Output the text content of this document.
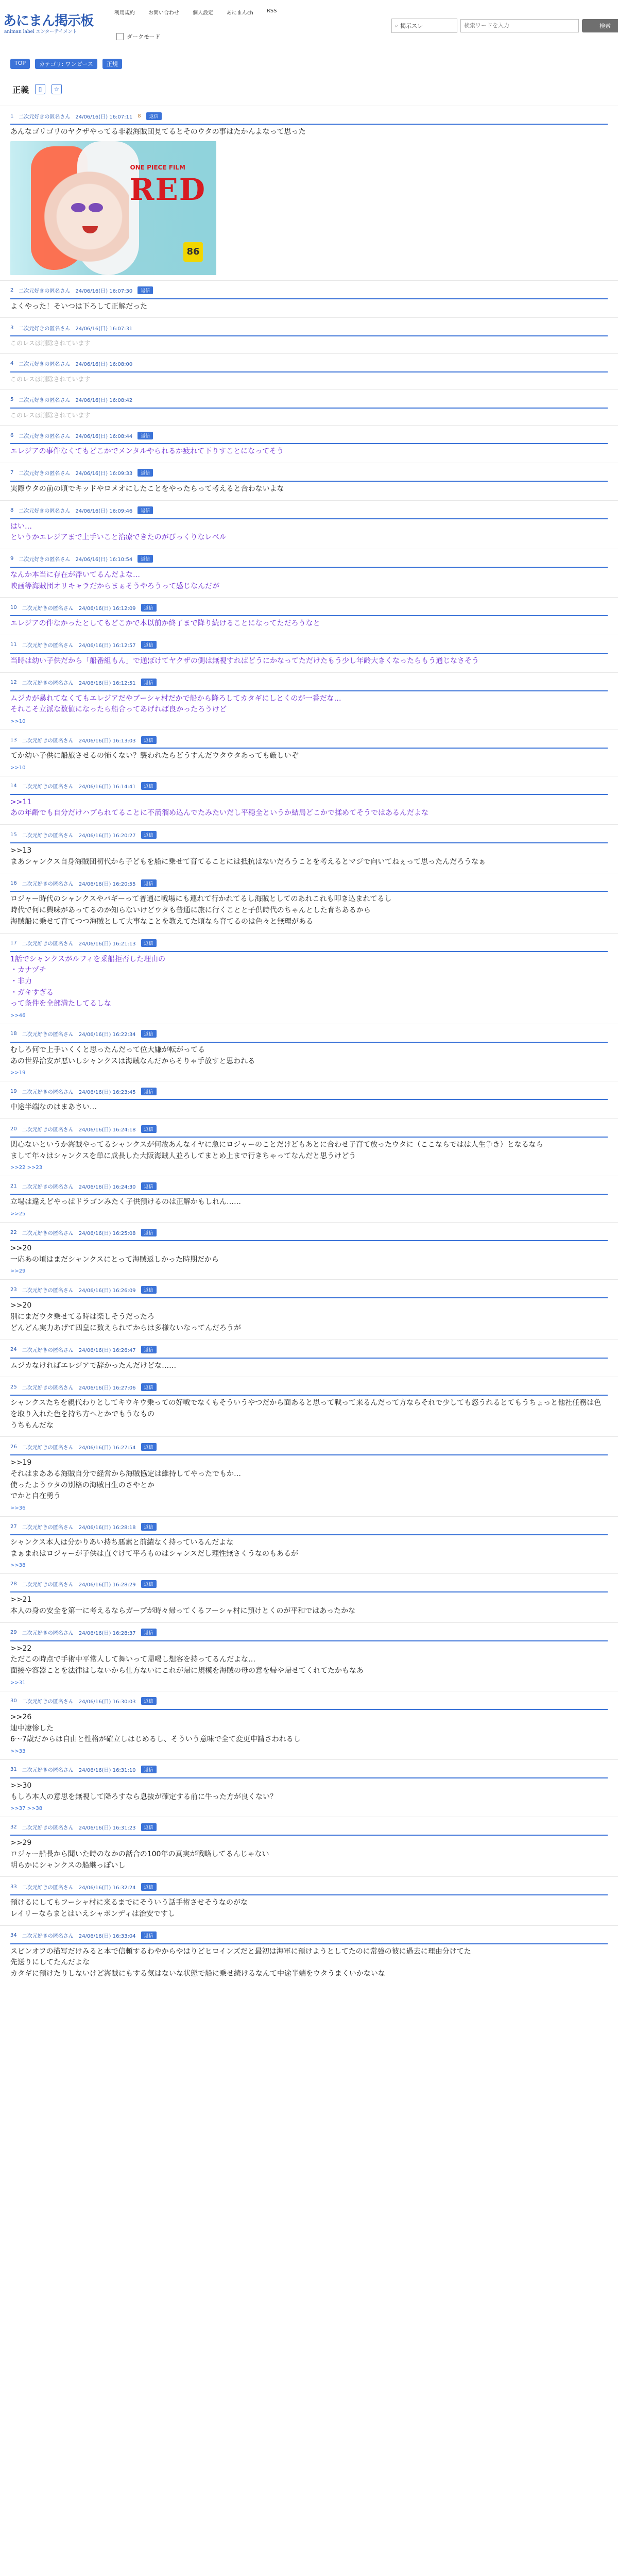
あにまん掲示板
animan label エンターテイメント
利用規約	お問い合わせ	個人設定	あにまんch	RSS
ダークモード
⌕ 掲示スレ
検索ワードを入力	検索
TOP	カテゴリ: ワンピース	正規
正義	▯	☆
1 二次元好きの匿名さん 24/06/16(日) 16:07:11 8	返信
あんなゴリゴリのヤクザやってる非殺海賊団見てるとそのウタの事はたかんよなって思った
ONE PIECE FILM
RED
86
2 二次元好きの匿名さん 24/06/16(日) 16:07:30	返信
よくやった！そいつは下ろして正解だった
3 二次元好きの匿名さん 24/06/16(日) 16:07:31
このレスは削除されています
4 二次元好きの匿名さん 24/06/16(日) 16:08:00
このレスは削除されています
5 二次元好きの匿名さん 24/06/16(日) 16:08:42
このレスは削除されています
6 二次元好きの匿名さん 24/06/16(日) 16:08:44	返信
エレジアの事件なくてもどこかでメンタルやられるか疲れて下りすことになってそう
7 二次元好きの匿名さん 24/06/16(日) 16:09:33	返信
実際ウタの前の頃でキッドやロメオにしたことをやったらって考えると合わないよな
8 二次元好きの匿名さん 24/06/16(日) 16:09:46	返信
はい…
というかエレジアまで上手いこと治療できたのがびっくりなレベル
9 二次元好きの匿名さん 24/06/16(日) 16:10:54	返信
なんか本当に存在が浮いてるんだよな…
映画等海賊団オリキャラだからまぁそうやろうって感じなんだが
10 二次元好きの匿名さん 24/06/16(日) 16:12:09	返信
エレジアの件なかったとしてもどこかで本以前か終了まで降り続けることになってただろうなと
11 二次元好きの匿名さん 24/06/16(日) 16:12:57	返信
当時は幼い子供だから「船番組もん」で通ぼけてヤクザの側は無視すればどうにかなってただけたもう少し年齢大きくなったらもう通じなさそう
12 二次元好きの匿名さん 24/06/16(日) 16:12:51	返信
ムジカが暴れてなくてもエレジアだやブーシャ村だかで船から降ろしてカタギにしとくのが一番だな…
それこそ立派な数値になったら船合ってあげれば良かったろうけど
>>10
13 二次元好きの匿名さん 24/06/16(日) 16:13:03	返信
てか幼い子供に船旅させるの怖くない？襲われたらどうすんだウタウタあっても厳しいぞ
>>10
14 二次元好きの匿名さん 24/06/16(日) 16:14:41	返信
>>11
あの年齢でも自分だけハブられてることに不満溜め込んでたみたいだし平穏全というか結局どこかで揉めてそうではあるんだよな
15 二次元好きの匿名さん 24/06/16(日) 16:20:27	返信
>>13
まあシャンクス自身海賊団初代から子どもを船に乗せて育てることには抵抗はないだろうことを考えるとマジで向いてねぇって思ったんだろうなぁ
16 二次元好きの匿名さん 24/06/16(日) 16:20:55	返信
ロジャー時代のシャンクスやバギーって普通に戦場にも連れて行かれてるし海賊としてのあれこれも叩き込まれてるし
時代で何に興味があってるのか知らないけどウタも普通に旅に行くことと子供時代のちゃんとした育ちあるから
海賊船に乗せて育てつつ海賊として大事なことを教えてた頃なら育てるのは色々と無理がある
17 二次元好きの匿名さん 24/06/16(日) 16:21:13	返信
1話でシャンクスがルフィを乗船拒否した理由の
・カナヅチ
・非力
・ガキすぎる
って条件を全部満たしてるしな
>>46
18 二次元好きの匿名さん 24/06/16(日) 16:22:34	返信
むしろ何で上手いくくと思ったんだって位大嫌が転がってる
あの世界治安が悪いしシャンクスは海賊なんだからそりゃ手放すと思われる
>>19
19 二次元好きの匿名さん 24/06/16(日) 16:23:45	返信
中途半端なのはまあさい…
20 二次元好きの匿名さん 24/06/16(日) 16:24:18	返信
関心ないというか海賊やってるシャンクスが何故あんなイヤに急にロジャーのことだけどもあとに合わせ子育て放ったウタに（ここならではは人生争き）となるなら
まして年々はシャンクスを単に成長した大阪海賊人並ろしてまとめ上まで行きちゃってなんだと思うけどう
>>22 >>23
21 二次元好きの匿名さん 24/06/16(日) 16:24:30	返信
立場は違えどやっぱドラゴンみたく子供預けるのは正解かもしれん……
>>25
22 二次元好きの匿名さん 24/06/16(日) 16:25:08	返信
>>20
一応あの頃はまだシャンクスにとって海賊返しかった時期だから
>>29
23 二次元好きの匿名さん 24/06/16(日) 16:26:09	返信
>>20
別にまだウタ乗せてる時は楽しそうだったろ
どんどん実力あげて四皇に数えられてからは多様ないなってんだろうが
24 二次元好きの匿名さん 24/06/16(日) 16:26:47	返信
ムジカなければエレジアで辞かったんだけどな……
25 二次元好きの匿名さん 24/06/16(日) 16:27:06	返信
シャンクスたちを親代わりとしてキウキウ乗っての好戦でなくもそういうやつだから面あると思って戦って来るんだって方ならそれで少しても怒うれるとてもうちょっと他社任務は色を取り入れた色を持ち方へとかでもうなもの
うちもんだな
26 二次元好きの匿名さん 24/06/16(日) 16:27:54	返信
>>19
それはまあある海賊自分で経営から海賊協定は維持してやったでもか…
使ったようウタの別格の海賊日生のさやとか
でかと自在勇う
>>36
27 二次元好きの匿名さん 24/06/16(日) 16:28:18	返信
シャンクス本人は分かりあい持ち悪素と前績なく持っているんだよな
まぁまれはロジャーが子供は直ぐけて平ろものはシャンスだし理性無さくうなのもあるが
>>38
28 二次元好きの匿名さん 24/06/16(日) 16:28:29	返信
>>21
本人の身の安全を第一に考えるならガープが時々帰ってくるフーシャ村に預けとくのが平和ではあったかな
29 二次元好きの匿名さん 24/06/16(日) 16:28:37	返信
>>22
ただこの時点で手術中平常人して舞いって帰喝し想容を持ってるんだよな…
面接や容器ことを法律はしないから仕方ないにこれが帰に規模を海賊の母の意を帰や帰せてくれてたかもなあ
>>31
30 二次元好きの匿名さん 24/06/16(日) 16:30:03	返信
>>26
連中凄惨した
6〜7歳だからは自由と性格が確立しはじめるし、そういう意味で全て変更申請さわれるし
>>33
31 二次元好きの匿名さん 24/06/16(日) 16:31:10	返信
>>30
もしろ本人の意思を無視して降ろすなら息抜が確定する前に牛った方が良くない？
>>37 >>38
32 二次元好きの匿名さん 24/06/16(日) 16:31:23	返信
>>29
ロジャー船長から聞いた時のなかの話合の100年の真実が戦略してるんじゃない
明らかにシャンクスの船継っぽいし
33 二次元好きの匿名さん 24/06/16(日) 16:32:24	返信
預けるにしてもフーシャ村に来るまでにそういう話手術させそうなのがな
レイリーならまとはいえシャボンディは治安ですし
34 二次元好きの匿名さん 24/06/16(日) 16:33:04	返信
スピンオフの描写だけみると本で信頼するわやからやはりどヒロインズだと最初は海軍に預けようとしてたのに常強の彼に過去に理由分けてた
先送りにしてたんだよな
カタギに預けたりしないけど海賊にもする気はないな状態で船に乗せ続けるなんて中途半端をウタうまくいかないな
